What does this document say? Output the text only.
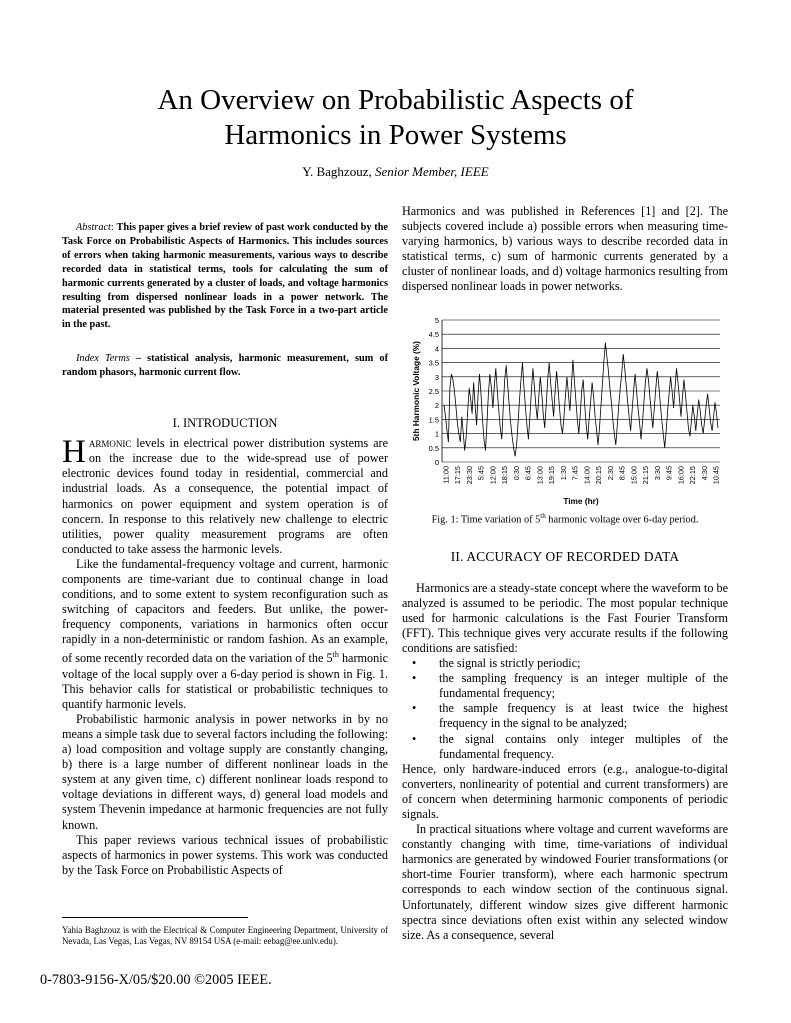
An Overview on Probabilistic Aspects of
Harmonics in Power Systems
Y. Baghzouz, Senior Member, IEEE

Abstract: This paper gives a brief review of past work conducted by the Task Force on Probabilistic Aspects of Harmonics. This includes sources of errors when taking harmonic measurements, various ways to describe recorded data in statistical terms, tools for calculating the sum of harmonic currents generated by a cluster of loads, and voltage harmonics resulting from dispersed nonlinear loads in a power network. The material presented was published by the Task Force in a two-part article in the past.

Index Terms – statistical analysis, harmonic measurement, sum of random phasors, harmonic current flow.

I. INTRODUCTION

Harmonic levels in electrical power distribution systems are on the increase due to the wide-spread use of power electronic devices found today in residential, commercial and industrial loads. As a consequence, the potential impact of harmonics on power equipment and system operation is of concern. In response to this relatively new challenge to electric utilities, power quality measurement programs are often conducted to take assess the harmonic levels.

Like the fundamental-frequency voltage and current, harmonic components are time-variant due to continual change in load conditions, and to some extent to system reconfiguration such as switching of capacitors and feeders. But unlike, the power-frequency components, variations in harmonics often occur rapidly in a non-deterministic or random fashion. As an example, of some recently recorded data on the variation of the 5th harmonic voltage of the local supply over a 6-day period is shown in Fig. 1. This behavior calls for statistical or probabilistic techniques to quantify harmonic levels.

Probabilistic harmonic analysis in power networks in by no means a simple task due to several factors including the following: a) load composition and voltage supply are constantly changing, b) there is a large number of different nonlinear loads in the system at any given time, c) different nonlinear loads respond to voltage deviations in different ways, d) general load models and system Thevenin impedance at harmonic frequencies are not fully known.

This paper reviews various technical issues of probabilistic aspects of harmonics in power systems. This work was conducted by the Task Force on Probabilistic Aspects of

Yahia Baghzouz is with the Electrical & Computer Engineering Department, University of Nevada, Las Vegas, Las Vegas, NV 89154 USA (e-mail: eebag@ee.unlv.edu).
0-7803-9156-X/05/$20.00 ©2005 IEEE.

Harmonics and was published in References [1] and [2]. The subjects covered include a) possible errors when measuring time-varying harmonics, b) various ways to describe recorded data in statistical terms, c) sum of harmonic currents generated by a cluster of nonlinear loads, and d) voltage harmonics resulting from dispersed nonlinear loads in power networks.

0
0.5
1
1.5
2
2.5
3
3.5
4
4.5
5
11:00 17:15 23:30 5:45 12:00 18:15 0:30 6:45 13:00 19:15 1:30 7:45 14:00 20:15 2:30 8:45 15:00 21:15 3:30 9:45 16:00 22:15 4:30 10:45
5th Harmonic Voltage (%)
Time (hr)

Fig. 1: Time variation of 5th harmonic voltage over 6-day period.

II. ACCURACY OF RECORDED DATA

Harmonics are a steady-state concept where the waveform to be analyzed is assumed to be periodic. The most popular technique used for harmonic calculations is the Fast Fourier Transform (FFT). This technique gives very accurate results if the following conditions are satisfied:

• the signal is strictly periodic;
• the sampling frequency is an integer multiple of the fundamental frequency;
• the sample frequency is at least twice the highest frequency in the signal to be analyzed;
• the signal contains only integer multiples of the fundamental frequency.

Hence, only hardware-induced errors (e.g., analogue-to-digital converters, nonlinearity of potential and current transformers) are of concern when determining harmonic components of periodic signals.

In practical situations where voltage and current waveforms are constantly changing with time, time-variations of individual harmonics are generated by windowed Fourier transformations (or short-time Fourier transform), where each harmonic spectrum corresponds to each window section of the continuous signal. Unfortunately, different window sizes give different harmonic spectra since deviations often exist within any selected window size. As a consequence, several
